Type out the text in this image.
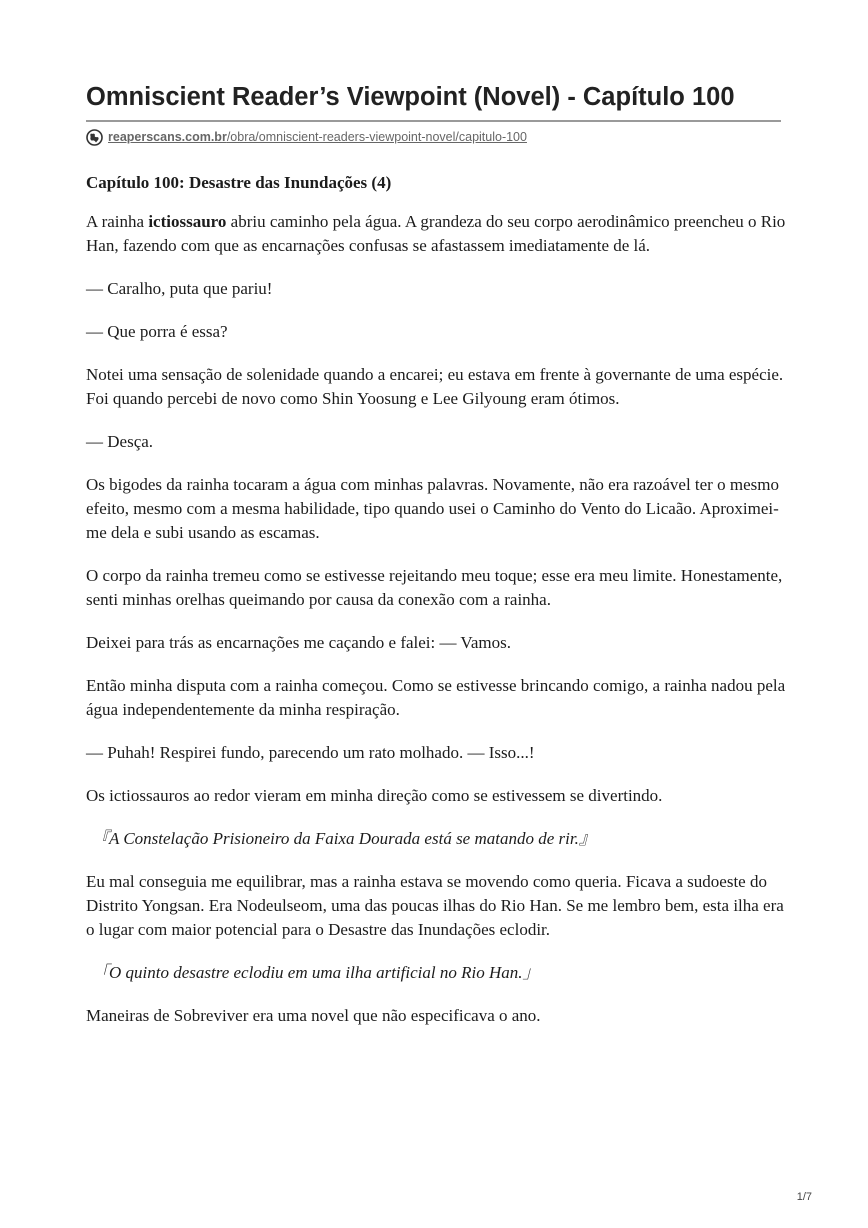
Omniscient Reader’s Viewpoint (Novel) - Capítulo 100
reaperscans.com.br/obra/omniscient-readers-viewpoint-novel/capitulo-100
Capítulo 100: Desastre das Inundações (4)

A rainha ictiossauro abriu caminho pela água. A grandeza do seu corpo aerodinâmico preencheu o Rio Han, fazendo com que as encarnações confusas se afastassem imediatamente de lá.

— Caralho, puta que pariu!

— Que porra é essa?

Notei uma sensação de solenidade quando a encarei; eu estava em frente à governante de uma espécie. Foi quando percebi de novo como Shin Yoosung e Lee Gilyoung eram ótimos.

— Desça.

Os bigodes da rainha tocaram a água com minhas palavras. Novamente, não era razoável ter o mesmo efeito, mesmo com a mesma habilidade, tipo quando usei o Caminho do Vento do Licaão. Aproximei-me dela e subi usando as escamas.

O corpo da rainha tremeu como se estivesse rejeitando meu toque; esse era meu limite. Honestamente, senti minhas orelhas queimando por causa da conexão com a rainha.

Deixei para trás as encarnações me caçando e falei: — Vamos.

Então minha disputa com a rainha começou. Como se estivesse brincando comigo, a rainha nadou pela água independentemente da minha respiração.

— Puhah! Respirei fundo, parecendo um rato molhado. — Isso...!

Os ictiossauros ao redor vieram em minha direção como se estivessem se divertindo.

『A Constelação Prisioneiro da Faixa Dourada está se matando de rir.』

Eu mal conseguia me equilibrar, mas a rainha estava se movendo como queria. Ficava a sudoeste do Distrito Yongsan. Era Nodeulseom, uma das poucas ilhas do Rio Han. Se me lembro bem, esta ilha era o lugar com maior potencial para o Desastre das Inundações eclodir.

「O quinto desastre eclodiu em uma ilha artificial no Rio Han.」

Maneiras de Sobreviver era uma novel que não especificava o ano.

1/7
